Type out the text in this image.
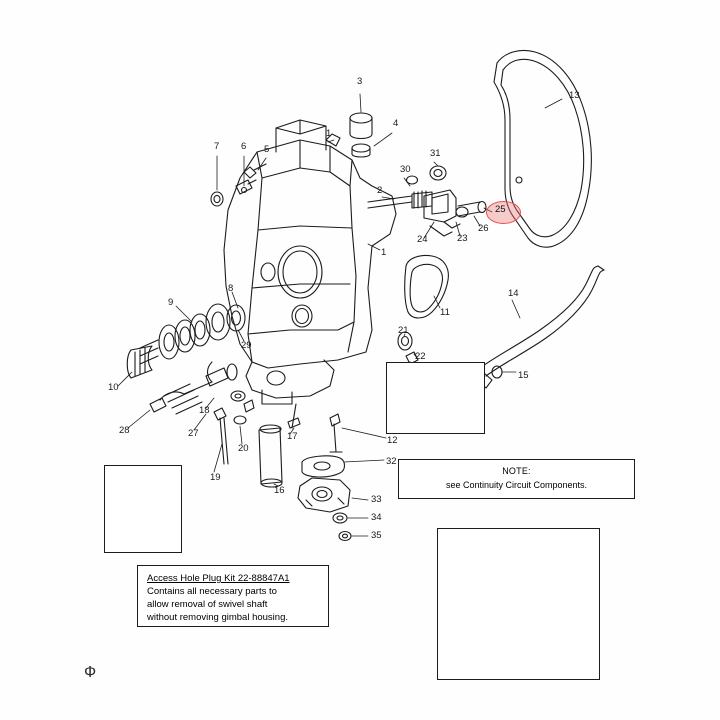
3
13
4
1
7 6 5	31
30
2
25
26
23
24
1
8
9
11
14
21
22
29
10
15
18
28	27
20
17	12
19
16
32
33
34
35
NOTE:
see Continuity Circuit Components.
Access Hole Plug Kit 22-88847A1
Contains all necessary parts to
allow removal of swivel shaft
without removing gimbal housing.
Ф
